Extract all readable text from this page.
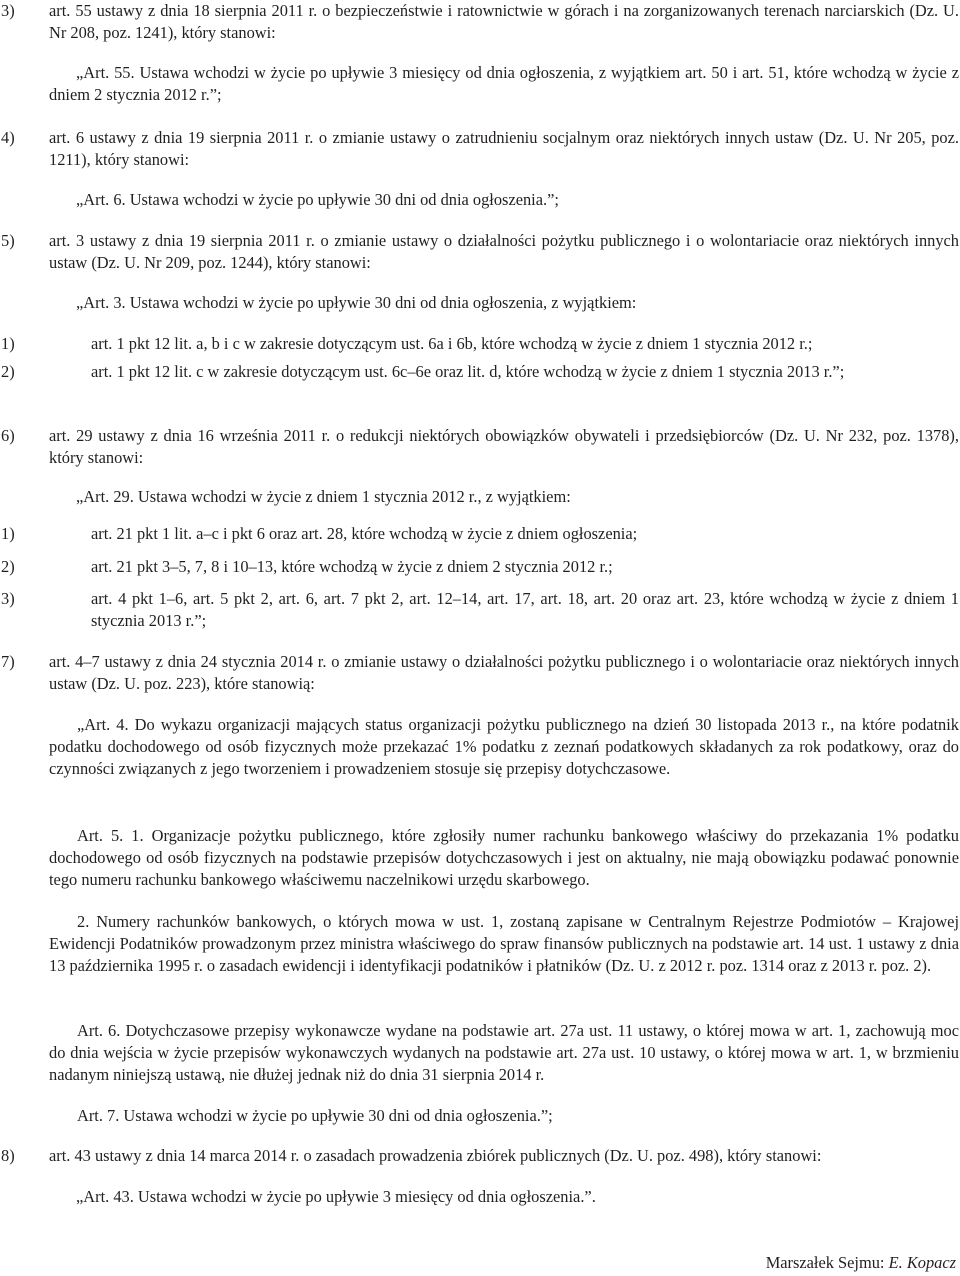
3) art. 55 ustawy z dnia 18 sierpnia 2011 r. o bezpieczeństwie i ratownictwie w górach i na zorganizowanych terenach narciarskich (Dz. U. Nr 208, poz. 1241), który stanowi:

„Art. 55. Ustawa wchodzi w życie po upływie 3 miesięcy od dnia ogłoszenia, z wyjątkiem art. 50 i art. 51, które wchodzą w życie z dniem 2 stycznia 2012 r.”;

4) art. 6 ustawy z dnia 19 sierpnia 2011 r. o zmianie ustawy o zatrudnieniu socjalnym oraz niektórych innych ustaw (Dz. U. Nr 205, poz. 1211), który stanowi:

„Art. 6. Ustawa wchodzi w życie po upływie 30 dni od dnia ogłoszenia.”;

5) art. 3 ustawy z dnia 19 sierpnia 2011 r. o zmianie ustawy o działalności pożytku publicznego i o wolontariacie oraz niektórych innych ustaw (Dz. U. Nr 209, poz. 1244), który stanowi:

„Art. 3. Ustawa wchodzi w życie po upływie 30 dni od dnia ogłoszenia, z wyjątkiem:

1)	art. 1 pkt 12 lit. a, b i c w zakresie dotyczącym ust. 6a i 6b, które wchodzą w życie z dniem 1 stycznia 2012 r.;

2)	art. 1 pkt 12 lit. c w zakresie dotyczącym ust. 6c–6e oraz lit. d, które wchodzą w życie z dniem 1 stycznia 2013 r.”;

6) art. 29 ustawy z dnia 16 września 2011 r. o redukcji niektórych obowiązków obywateli i przedsiębiorców (Dz. U. Nr 232, poz. 1378), który stanowi:

„Art. 29. Ustawa wchodzi w życie z dniem 1 stycznia 2012 r., z wyjątkiem:

1)	art. 21 pkt 1 lit. a–c i pkt 6 oraz art. 28, które wchodzą w życie z dniem ogłoszenia;

2)	art. 21 pkt 3–5, 7, 8 i 10–13, które wchodzą w życie z dniem 2 stycznia 2012 r.;

3)	art. 4 pkt 1–6, art. 5 pkt 2, art. 6, art. 7 pkt 2, art. 12–14, art. 17, art. 18, art. 20 oraz art. 23, które wchodzą w życie z dniem 1 stycznia 2013 r.”;

7) art. 4–7 ustawy z dnia 24 stycznia 2014 r. o zmianie ustawy o działalności pożytku publicznego i o wolontariacie oraz niektórych innych ustaw (Dz. U. poz. 223), które stanowią:

„Art. 4. Do wykazu organizacji mających status organizacji pożytku publicznego na dzień 30 listopada 2013 r., na które podatnik podatku dochodowego od osób fizycznych może przekazać 1% podatku z zeznań podatkowych składanych za rok podatkowy, oraz do czynności związanych z jego tworzeniem i prowadzeniem stosuje się przepisy dotychczasowe.

Art. 5. 1. Organizacje pożytku publicznego, które zgłosiły numer rachunku bankowego właściwy do przekazania 1% podatku dochodowego od osób fizycznych na podstawie przepisów dotychczasowych i jest on aktualny, nie mają obowiązku podawać ponownie tego numeru rachunku bankowego właściwemu naczelnikowi urzędu skarbowego.

2. Numery rachunków bankowych, o których mowa w ust. 1, zostaną zapisane w Centralnym Rejestrze Podmiotów – Krajowej Ewidencji Podatników prowadzonym przez ministra właściwego do spraw finansów publicznych na podstawie art. 14 ust. 1 ustawy z dnia 13 października 1995 r. o zasadach ewidencji i identyfikacji podatników i płatników (Dz. U. z 2012 r. poz. 1314 oraz z 2013 r. poz. 2).

Art. 6. Dotychczasowe przepisy wykonawcze wydane na podstawie art. 27a ust. 11 ustawy, o której mowa w art. 1, zachowują moc do dnia wejścia w życie przepisów wykonawczych wydanych na podstawie art. 27a ust. 10 ustawy, o której mowa w art. 1, w brzmieniu nadanym niniejszą ustawą, nie dłużej jednak niż do dnia 31 sierpnia 2014 r.

Art. 7. Ustawa wchodzi w życie po upływie 30 dni od dnia ogłoszenia.”;

8) art. 43 ustawy z dnia 14 marca 2014 r. o zasadach prowadzenia zbiórek publicznych (Dz. U. poz. 498), który stanowi:

„Art. 43. Ustawa wchodzi w życie po upływie 3 miesięcy od dnia ogłoszenia.”.

Marszałek Sejmu: E. Kopacz
